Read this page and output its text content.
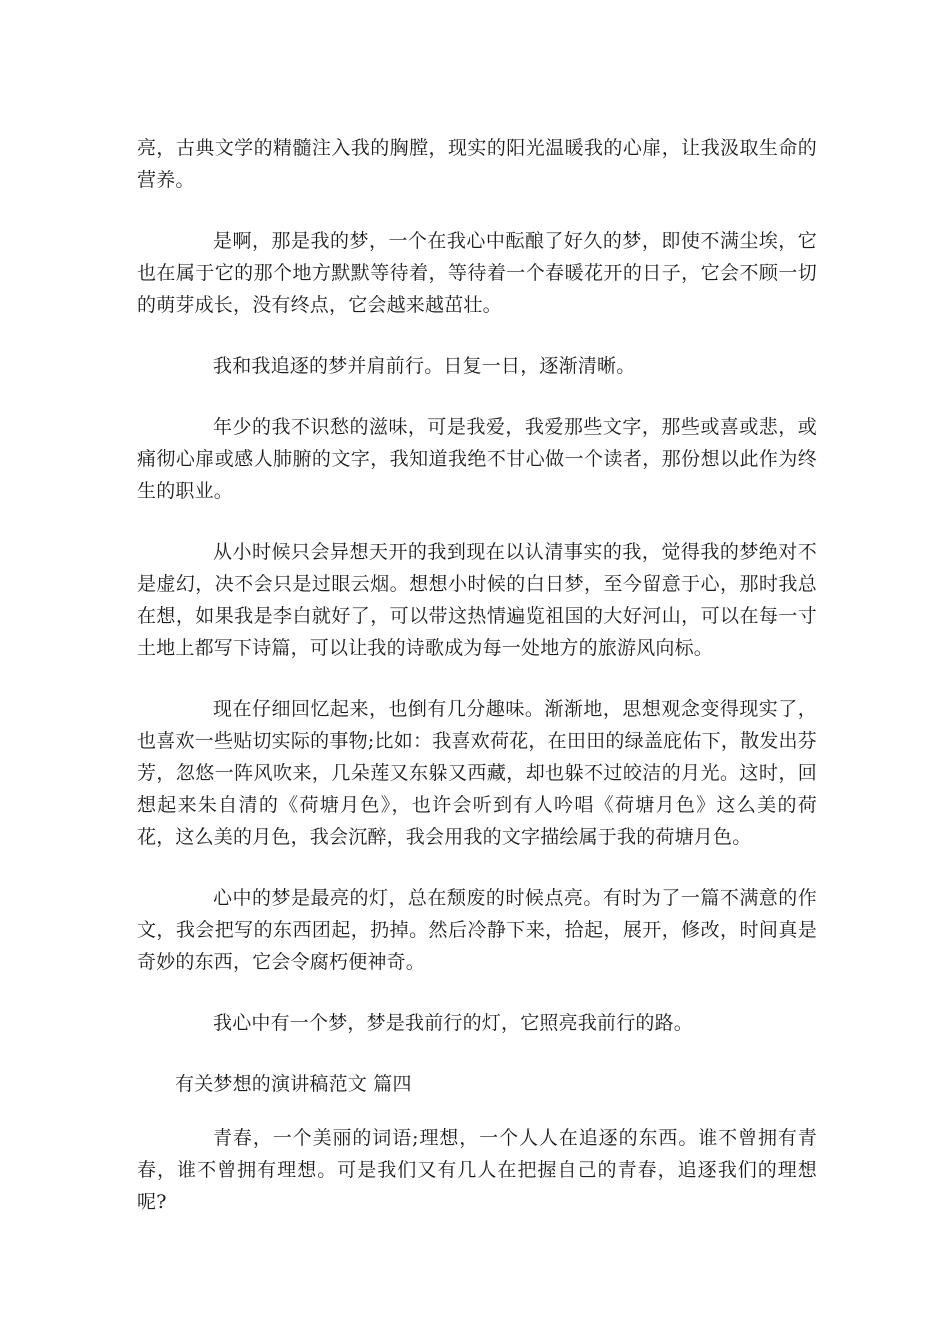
亮，古典文学的精髓注入我的胸膛，现实的阳光温暖我的心扉，让我汲取生命的营养。

是啊，那是我的梦，一个在我心中酝酿了好久的梦，即使不满尘埃，它也在属于它的那个地方默默等待着，等待着一个春暖花开的日子，它会不顾一切的萌芽成长，没有终点，它会越来越茁壮。

我和我追逐的梦并肩前行。日复一日，逐渐清晰。

年少的我不识愁的滋味，可是我爱，我爱那些文字，那些或喜或悲，或痛彻心扉或感人肺腑的文字，我知道我绝不甘心做一个读者，那份想以此作为终生的职业。

从小时候只会异想天开的我到现在以认清事实的我，觉得我的梦绝对不是虚幻，决不会只是过眼云烟。想想小时候的白日梦，至今留意于心，那时我总在想，如果我是李白就好了，可以带这热情遍览祖国的大好河山，可以在每一寸土地上都写下诗篇，可以让我的诗歌成为每一处地方的旅游风向标。

现在仔细回忆起来，也倒有几分趣味。渐渐地，思想观念变得现实了，也喜欢一些贴切实际的事物;比如：我喜欢荷花，在田田的绿盖庇佑下，散发出芬芳，忽悠一阵风吹来，几朵莲又东躲又西藏，却也躲不过皎洁的月光。这时，回想起来朱自清的《荷塘月色》，也许会听到有人吟唱《荷塘月色》这么美的荷花，这么美的月色，我会沉醉，我会用我的文字描绘属于我的荷塘月色。

心中的梦是最亮的灯，总在颓废的时候点亮。有时为了一篇不满意的作文，我会把写的东西团起，扔掉。然后冷静下来，拾起，展开，修改，时间真是奇妙的东西，它会令腐朽便神奇。

我心中有一个梦，梦是我前行的灯，它照亮我前行的路。

有关梦想的演讲稿范文 篇四

青春，一个美丽的词语;理想，一个人人在追逐的东西。谁不曾拥有青春，谁不曾拥有理想。可是我们又有几人在把握自己的青春，追逐我们的理想呢?
